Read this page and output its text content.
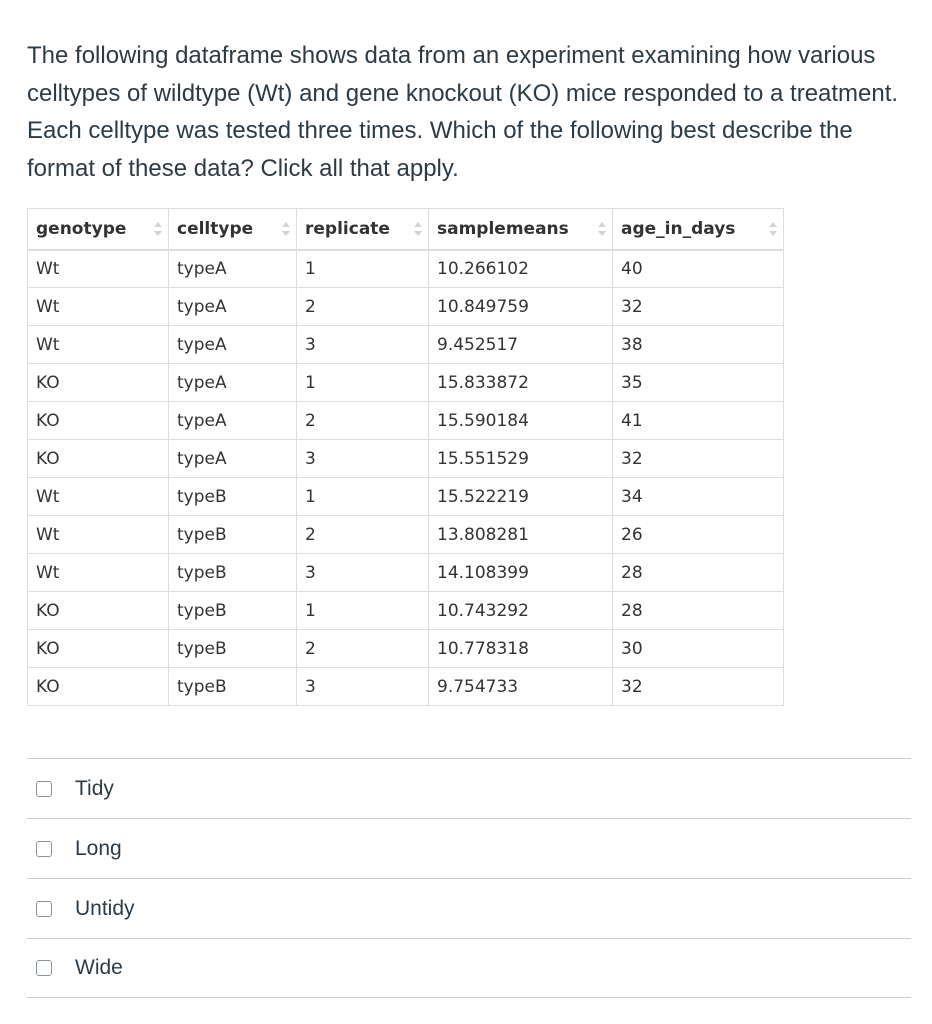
The following dataframe shows data from an experiment examining how various celltypes of wildtype (Wt) and gene knockout (KO) mice responded to a treatment. Each celltype was tested three times. Which of the following best describe the format of these data? Click all that apply.
genotype	celltype	replicate	samplemeans	age_in_days

Wt	typeA	1	10.266102	40
Wt	typeA	2	10.849759	32
Wt	typeA	3	9.452517	38
KO	typeA	1	15.833872	35
KO	typeA	2	15.590184	41
KO	typeA	3	15.551529	32
Wt	typeB	1	15.522219	34
Wt	typeB	2	13.808281	26
Wt	typeB	3	14.108399	28
KO	typeB	1	10.743292	28
KO	typeB	2	10.778318	30
KO	typeB	3	9.754733	32
Tidy
Long
Untidy
Wide
